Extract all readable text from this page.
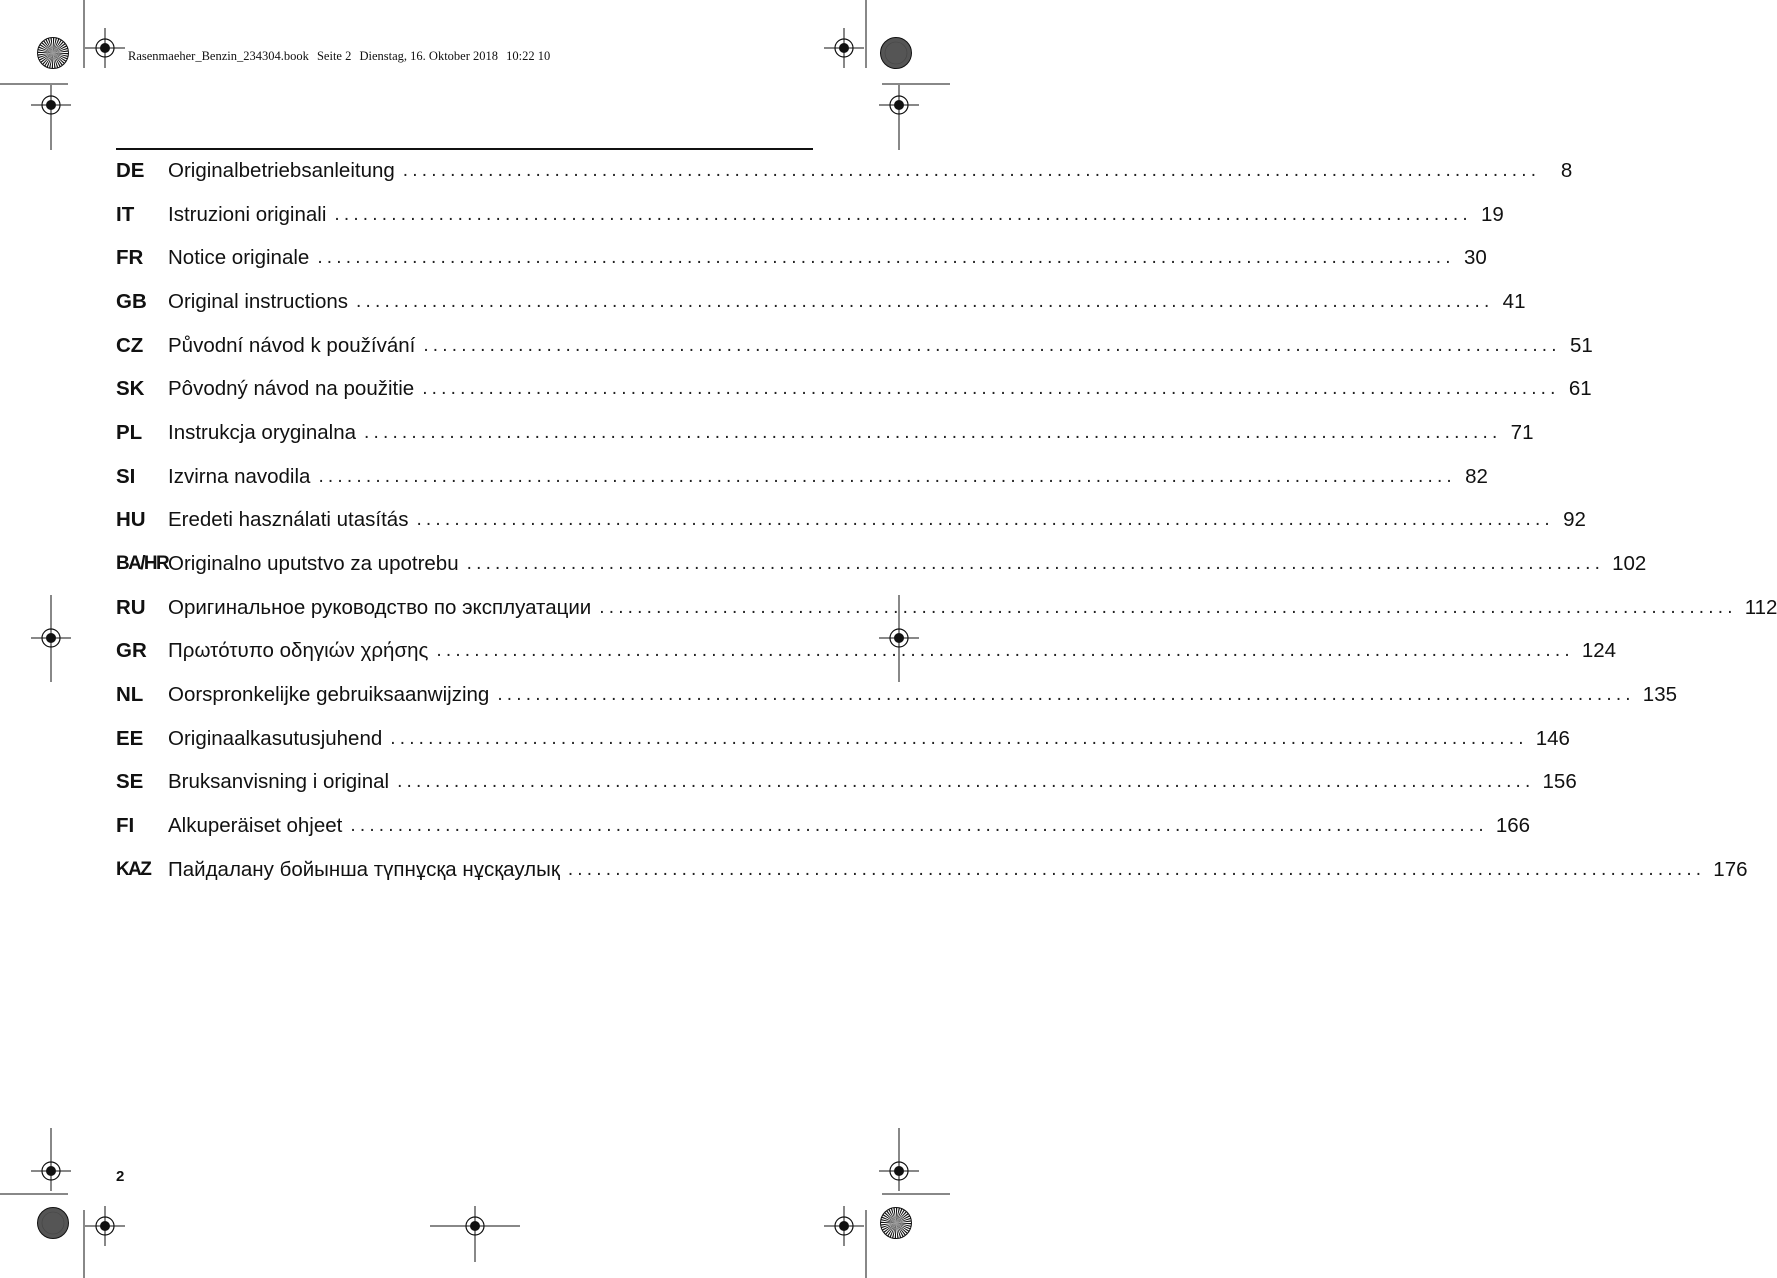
Rasenmaeher_Benzin_234304.book Seite 2 Dienstag, 16. Oktober 2018 10:22 10
DE	Originalbetriebsanleitung ........................................................................................................................	8
IT	Istruzioni originali ........................................................................................................................ 19
FR	Notice originale ........................................................................................................................ 30
GB	Original instructions ........................................................................................................................ 41
CZ	Původní návod k používání ........................................................................................................................ 51
SK	Pôvodný návod na použitie ........................................................................................................................ 61
PL	Instrukcja oryginalna ........................................................................................................................ 71
SI	Izvirna navodila ........................................................................................................................ 82
HU	Eredeti használati utasítás ........................................................................................................................ 92
BA/HR Originalno uputstvo za upotrebu ........................................................................................................................ 102
RU	Оригинальное руководство по эксплуатации ........................................................................................................................ 112
GR	Πρωτότυπο οδηγιών χρήσης ........................................................................................................................ 124
NL	Oorspronkelijke gebruiksaanwijzing ........................................................................................................................ 135
EE	Originaalkasutusjuhend ........................................................................................................................ 146
SE	Bruksanvisning i original ........................................................................................................................ 156
FI	Alkuperäiset ohjeet ........................................................................................................................ 166
KAZ Пайдалану бойынша түпнұсқа нұсқаулық ........................................................................................................................ 176
2
